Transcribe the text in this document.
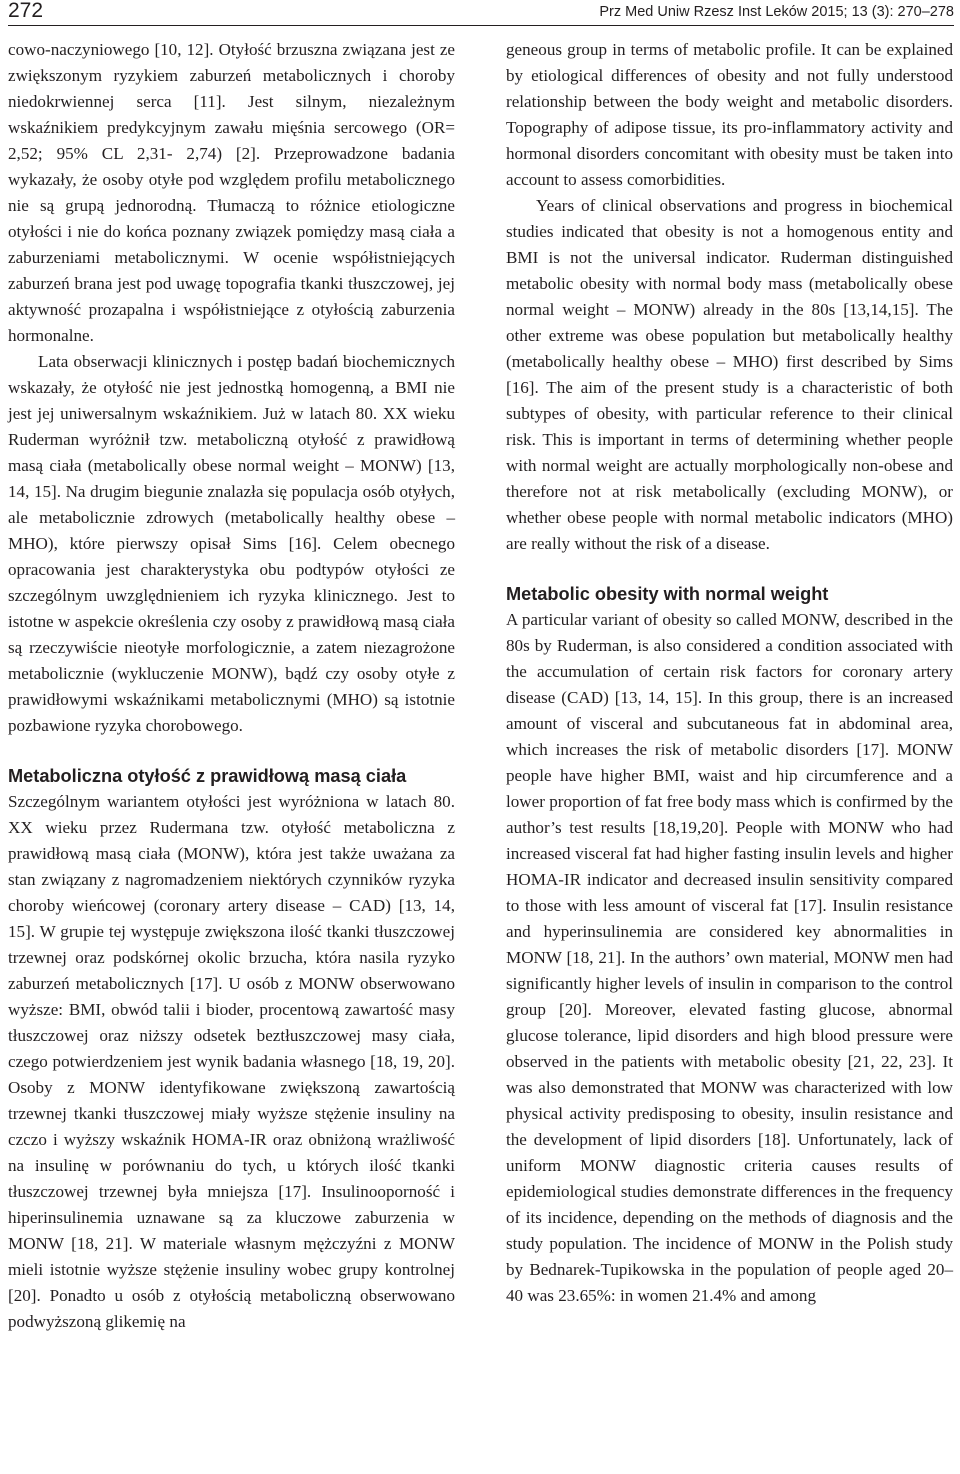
272	Prz Med Uniw Rzesz Inst Leków 2015; 13 (3): 270–278

cowo-naczyniowego [10, 12]. Otyłość brzuszna związana jest ze zwiększonym ryzykiem zaburzeń metabolicznych i choroby niedokrwiennej serca [11]. Jest silnym, niezależnym wskaźnikiem predykcyjnym zawału mięśnia sercowego (OR= 2,52; 95% CL 2,31- 2,74) [2]. Przeprowadzone badania wykazały, że osoby otyłe pod względem profilu metabolicznego nie są grupą jednorodną. Tłumaczą to różnice etiologiczne otyłości i nie do końca poznany związek pomiędzy masą ciała a zaburzeniami metabolicznymi. W ocenie współistniejących zaburzeń brana jest pod uwagę topografia tkanki tłuszczowej, jej aktywność prozapalna i współistniejące z otyłością zaburzenia hormonalne.

Lata obserwacji klinicznych i postęp badań biochemicznych wskazały, że otyłość nie jest jednostką homogenną, a BMI nie jest jej uniwersalnym wskaźnikiem. Już w latach 80. XX wieku Ruderman wyróżnił tzw. metaboliczną otyłość z prawidłową masą ciała (metabolically obese normal weight – MONW) [13, 14, 15]. Na drugim biegunie znalazła się populacja osób otyłych, ale metabolicznie zdrowych (metabolically healthy obese – MHO), które pierwszy opisał Sims [16]. Celem obecnego opracowania jest charakterystyka obu podtypów otyłości ze szczególnym uwzględnieniem ich ryzyka klinicznego. Jest to istotne w aspekcie określenia czy osoby z prawidłową masą ciała są rzeczywiście nieotyłe morfologicznie, a zatem niezagrożone metabolicznie (wykluczenie MONW), bądź czy osoby otyłe z prawidłowymi wskaźnikami metabolicznymi (MHO) są istotnie pozbawione ryzyka chorobowego.

Metaboliczna otyłość z prawidłową masą ciała

Szczególnym wariantem otyłości jest wyróżniona w latach 80. XX wieku przez Rudermana tzw. otyłość metaboliczna z prawidłową masą ciała (MONW), która jest także uważana za stan związany z nagromadzeniem niektórych czynników ryzyka choroby wieńcowej (coronary artery disease – CAD) [13, 14, 15]. W grupie tej występuje zwiększona ilość tkanki tłuszczowej trzewnej oraz podskórnej okolic brzucha, która nasila ryzyko zaburzeń metabolicznych [17]. U osób z MONW obserwowano wyższe: BMI, obwód talii i bioder, procentową zawartość masy tłuszczowej oraz niższy odsetek beztłuszczowej masy ciała, czego potwierdzeniem jest wynik badania własnego [18, 19, 20]. Osoby z MONW identyfikowane zwiększoną zawartością trzewnej tkanki tłuszczowej miały wyższe stężenie insuliny na czczo i wyższy wskaźnik HOMA-IR oraz obniżoną wrażliwość na insulinę w porównaniu do tych, u których ilość tkanki tłuszczowej trzewnej była mniejsza [17]. Insulinooporność i hiperinsulinemia uznawane są za kluczowe zaburzenia w MONW [18, 21]. W materiale własnym mężczyźni z MONW mieli istotnie wyższe stężenie insuliny wobec grupy kontrolnej [20]. Ponadto u osób z otyłością metaboliczną obserwowano podwyższoną glikemię na

geneous group in terms of metabolic profile. It can be explained by etiological differences of obesity and not fully understood relationship between the body weight and metabolic disorders. Topography of adipose tissue, its pro-inflammatory activity and hormonal disorders concomitant with obesity must be taken into account to assess comorbidities.

Years of clinical observations and progress in biochemical studies indicated that obesity is not a homogenous entity and BMI is not the universal indicator. Ruderman distinguished metabolic obesity with normal body mass (metabolically obese normal weight – MONW) already in the 80s [13,14,15]. The other extreme was obese population but metabolically healthy (metabolically healthy obese – MHO) first described by Sims [16]. The aim of the present study is a characteristic of both subtypes of obesity, with particular reference to their clinical risk. This is important in terms of determining whether people with normal weight are actually morphologically non-obese and therefore not at risk metabolically (excluding MONW), or whether obese people with normal metabolic indicators (MHO) are really without the risk of a disease.

Metabolic obesity with normal weight

A particular variant of obesity so called MONW, described in the 80s by Ruderman, is also considered a condition associated with the accumulation of certain risk factors for coronary artery disease (CAD) [13, 14, 15]. In this group, there is an increased amount of visceral and subcutaneous fat in abdominal area, which increases the risk of metabolic disorders [17]. MONW people have higher BMI, waist and hip circumference and a lower proportion of fat free body mass which is confirmed by the author’s test results [18,19,20]. People with MONW who had increased visceral fat had higher fasting insulin levels and higher HOMA-IR indicator and decreased insulin sensitivity compared to those with less amount of visceral fat [17]. Insulin resistance and hyperinsulinemia are considered key abnormalities in MONW [18, 21]. In the authors’ own material, MONW men had significantly higher levels of insulin in comparison to the control group [20]. Moreover, elevated fasting glucose, abnormal glucose tolerance, lipid disorders and high blood pressure were observed in the patients with metabolic obesity [21, 22, 23]. It was also demonstrated that MONW was characterized with low physical activity predisposing to obesity, insulin resistance and the development of lipid disorders [18]. Unfortunately, lack of uniform MONW diagnostic criteria causes results of epidemiological studies demonstrate differences in the frequency of its incidence, depending on the methods of diagnosis and the study population. The incidence of MONW in the Polish study by Bednarek-Tupikowska in the population of people aged 20–40 was 23.65%: in women 21.4% and among
